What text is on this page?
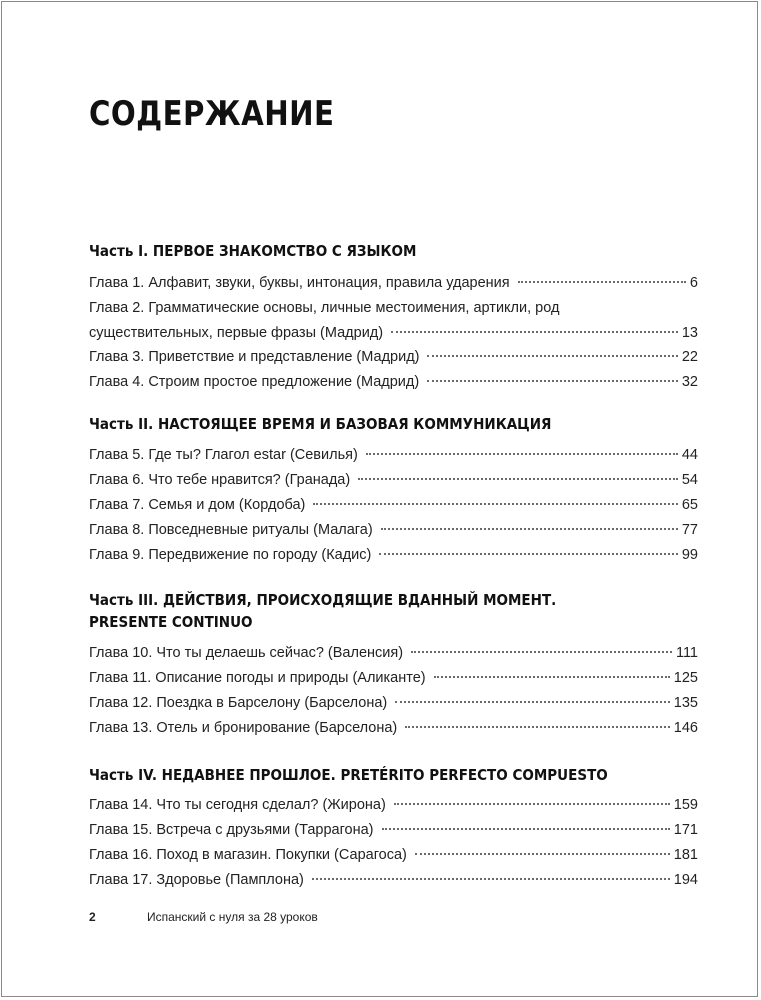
СОДЕРЖАНИЕ
Часть I. ПЕРВОЕ ЗНАКОМСТВО С ЯЗЫКОМ
Глава 1. Алфавит, звуки, буквы, интонация, правила ударения	6
Глава 2. Грамматические основы, личные местоимения, артикли, род
существительных, первые фразы (Мадрид)	13
Глава 3. Приветствие и представление (Мадрид)	22
Глава 4. Строим простое предложение (Мадрид)	32
Часть II. НАСТОЯЩЕЕ ВРЕМЯ И БАЗОВАЯ КОММУНИКАЦИЯ
Глава 5. Где ты? Глагол estar (Севилья)	44
Глава 6. Что тебе нравится? (Гранада)	54
Глава 7. Семья и дом (Кордоба)	65
Глава 8. Повседневные ритуалы (Малага)	77
Глава 9. Передвижение по городу (Кадис)	99
Часть III. ДЕЙСТВИЯ, ПРОИСХОДЯЩИЕ ВДАННЫЙ МОМЕНТ.
PRESENTE CONTINUO
Глава 10. Что ты делаешь сейчас? (Валенсия)	111
Глава 11. Описание погоды и природы (Аликанте)	125
Глава 12. Поездка в Барселону (Барселона)	135
Глава 13. Отель и бронирование (Барселона)	146
Часть IV. НЕДАВНЕЕ ПРОШЛОЕ. PRETÉRITO PERFECTO COMPUESTO
Глава 14. Что ты сегодня сделал? (Жирона)	159
Глава 15. Встреча с друзьями (Таррагона)	171
Глава 16. Поход в магазин. Покупки (Сарагоса)	181
Глава 17. Здоровье (Памплона)	194
2	Испанский с нуля за 28 уроков
